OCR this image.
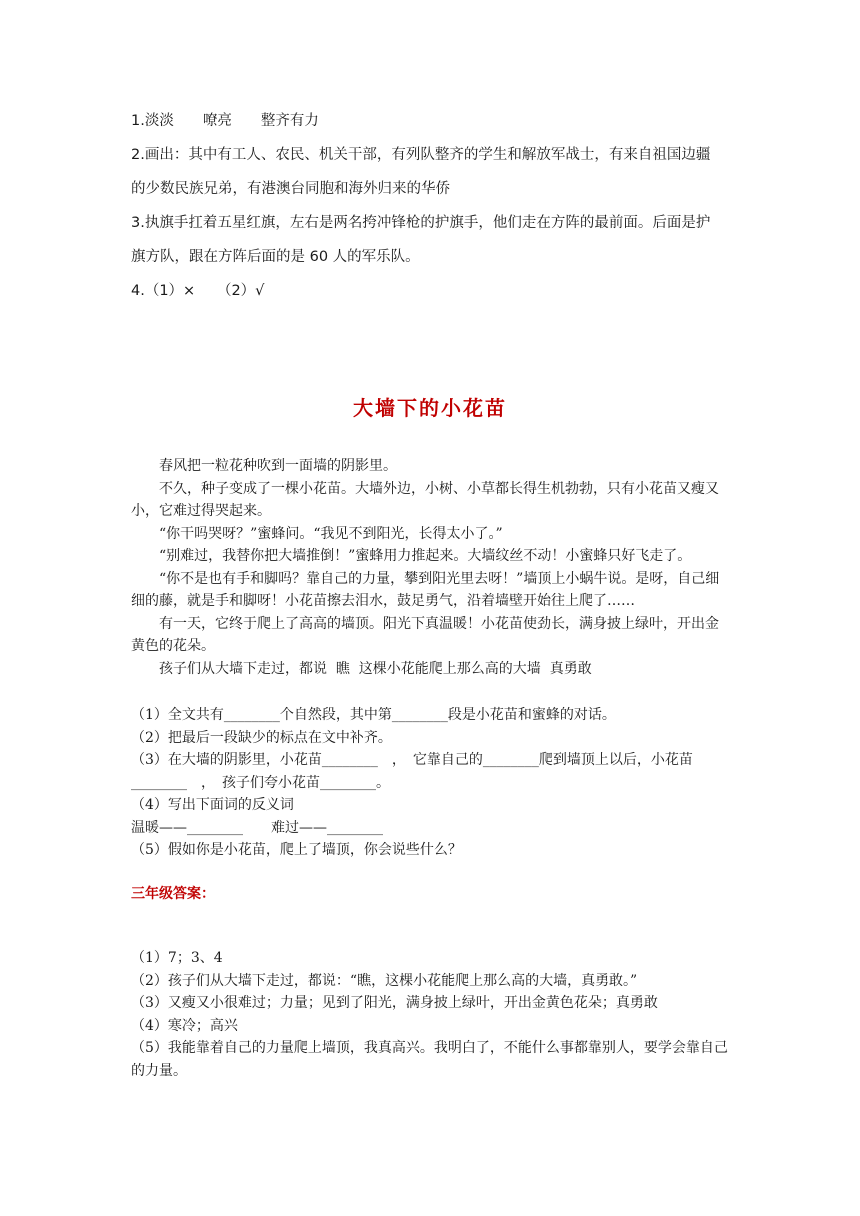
1.淡淡　　嘹亮　　整齐有力

2.画出：其中有工人、农民、机关干部，有列队整齐的学生和解放军战士，有来自祖国边疆

的少数民族兄弟，有港澳台同胞和海外归来的华侨

3.执旗手扛着五星红旗，左右是两名挎冲锋枪的护旗手，他们走在方阵的最前面。后面是护

旗方队，跟在方阵后面的是 60 人的军乐队。

4.（1）×　　（2）√

大墙下的小花苗

春风把一粒花种吹到一面墙的阴影里。

不久，种子变成了一棵小花苗。大墙外边，小树、小草都长得生机勃勃，只有小花苗又瘦又小，它难过得哭起来。

“你干吗哭呀？”蜜蜂问。“我见不到阳光，长得太小了。”

“别难过，我替你把大墙推倒！”蜜蜂用力推起来。大墙纹丝不动！小蜜蜂只好飞走了。

“你不是也有手和脚吗？靠自己的力量，攀到阳光里去呀！”墙顶上小蜗牛说。是呀，自己细细的藤，就是手和脚呀！小花苗擦去泪水，鼓足勇气，沿着墙壁开始往上爬了……

有一天，它终于爬上了高高的墙顶。阳光下真温暖！小花苗使劲长，满身披上绿叶，开出金黄色的花朵。

孩子们从大墙下走过，都说  瞧  这棵小花能爬上那么高的大墙  真勇敢

（1）全文共有________个自然段，其中第________段是小花苗和蜜蜂的对话。

（2）把最后一段缺少的标点在文中补齐。

（3）在大墙的阴影里，小花苗________　，　它靠自己的________爬到墙顶上以后，小花苗________　，　孩子们夸小花苗________。

（4）写出下面词的反义词

温暖——________　　难过——________

（5）假如你是小花苗，爬上了墙顶，你会说些什么？

三年级答案：

（1）7；3、4

（2）孩子们从大墙下走过，都说：“瞧，这棵小花能爬上那么高的大墙，真勇敢。”

（3）又瘦又小很难过；力量；见到了阳光，满身披上绿叶，开出金黄色花朵；真勇敢

（4）寒冷；高兴

（5）我能靠着自己的力量爬上墙顶，我真高兴。我明白了，不能什么事都靠别人，要学会靠自己的力量。
